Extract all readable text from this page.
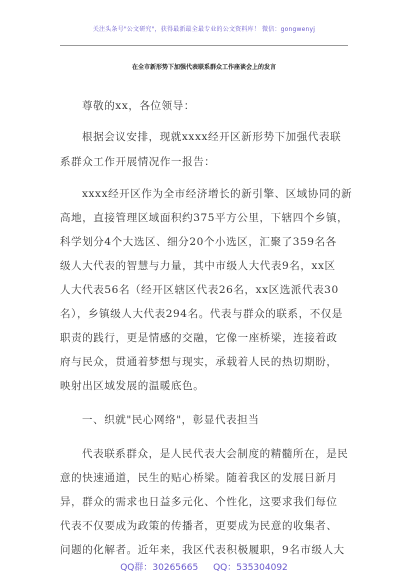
关注头条号"公文研究"，获得最新最全最专业的公文资料库！ 微信：gongwenyj
在全市新形势下加强代表联系群众工作座谈会上的发言
尊敬的xx，各位领导：
根据会议安排，现就xxxx经开区新形势下加强代表联
系群众工作开展情况作一报告：
xxxx经开区作为全市经济增长的新引擎、区域协同的新
高地，直接管理区域面积约375平方公里，下辖四个乡镇，
科学划分4个大选区、细分20个小选区，汇聚了359名各
级人大代表的智慧与力量，其中市级人大代表9名，xx区
人大代表56名（经开区辖区代表26名，xx区选派代表30
名），乡镇级人大代表294名。代表与群众的联系，不仅是
职责的践行，更是情感的交融，它像一座桥梁，连接着政
府与民众，贯通着梦想与现实，承载着人民的热切期盼，
映射出区域发展的温暖底色。
一、织就"民心网络"，彰显代表担当
代表联系群众，是人民代表大会制度的精髓所在，是民
意的快速通道，民生的贴心桥梁。随着我区的发展日新月
异，群众的需求也日益多元化、个性化，这要求我们每位
代表不仅要成为政策的传播者，更要成为民意的收集者、
问题的化解者。近年来，我区代表积极履职，9名市级人大
QQ群：30265665 QQ：535304092
